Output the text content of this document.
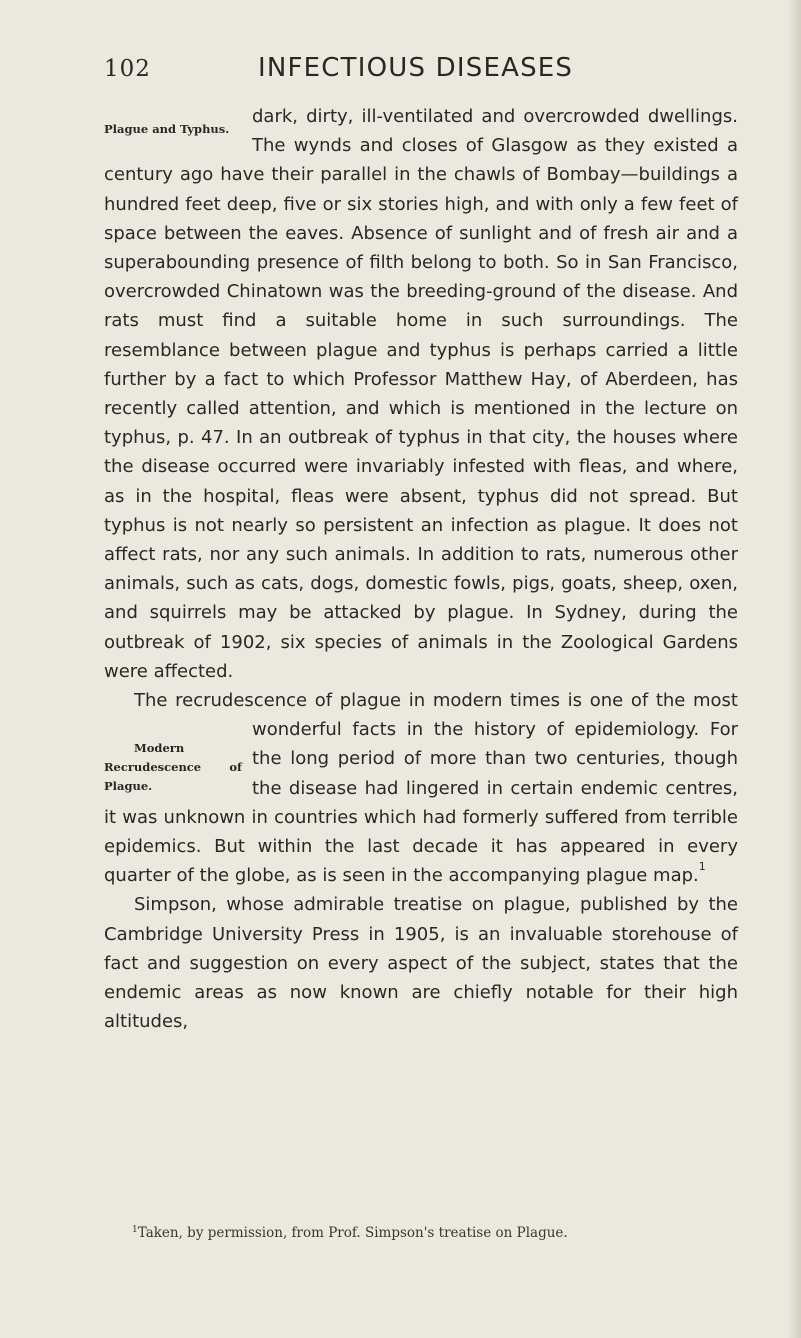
102	INFECTIOUS DISEASES

dark, dirty, ill-ventilated and overcrowded dwellings.
Plague and Typhus.
The wynds and closes of Glasgow as they existed a century ago have their parallel in the chawls of Bombay—buildings a hundred feet deep, five or six stories high, and with only a few feet of space between the eaves. Absence of sunlight and of fresh air and a superabounding presence of filth belong to both. So in San Francisco, overcrowded Chinatown was the breeding-ground of the disease. And rats must find a suitable home in such surroundings. The resemblance between plague and typhus is perhaps carried a little further by a fact to which Professor Matthew Hay, of Aberdeen, has recently called attention, and which is mentioned in the lecture on typhus, p. 47. In an outbreak of typhus in that city, the houses where the disease occurred were invariably infested with fleas, and where, as in the hospital, fleas were absent, typhus did not spread. But typhus is not nearly so persistent an infection as plague. It does not affect rats, nor any such animals. In addition to rats, numerous other animals, such as cats, dogs, domestic fowls, pigs, goats, sheep, oxen, and squirrels may be attacked by plague. In Sydney, during the outbreak of 1902, six species of animals in the Zoological Gardens were affected.

The recrudescence of plague in modern times is one of the most wonderful facts in the history of epidemiology.
Modern Recrudescence of Plague.
For the long period of more than two centuries, though the disease had lingered in certain endemic centres, it was unknown in countries which had formerly suffered from terrible epidemics. But within the last decade it has appeared in every quarter of the globe, as is seen in the accompanying plague map.$^1$

Simpson, whose admirable treatise on plague, published by the Cambridge University Press in 1905, is an invaluable storehouse of fact and suggestion on every aspect of the subject, states that the endemic areas as now known are chiefly notable for their high altitudes,

$^1$Taken, by permission, from Prof. Simpson's treatise on Plague.
